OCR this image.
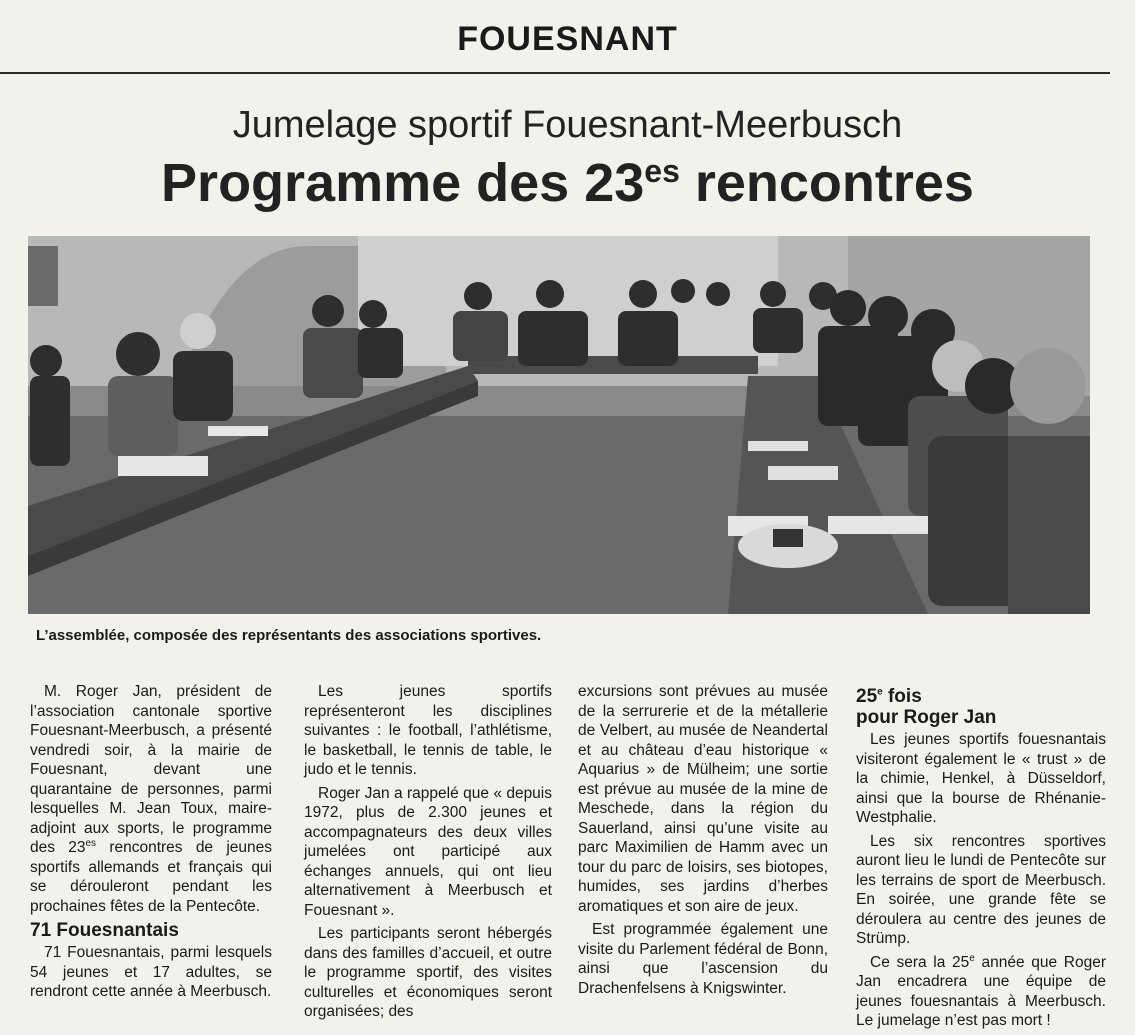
FOUESNANT
Jumelage sportif Fouesnant-Meerbusch
Programme des $23^{es}$ rencontres
L’assemblée, composée des représentants des associations sportives.

M. Roger Jan, président de l’association cantonale sportive Fouesnant-Meerbusch, a présenté vendredi soir, à la mairie de Fouesnant, devant une quarantaine de personnes, parmi lesquelles M. Jean Toux, maire-adjoint aux sports, le programme des $23^{es}$ rencontres de jeunes sportifs allemands et français qui se dérouleront pendant les prochaines fêtes de la Pentecôte.

71 Fouesnantais

71 Fouesnantais, parmi lesquels 54 jeunes et 17 adultes, se rendront cette année à Meerbusch.

Les jeunes sportifs représenteront les disciplines suivantes : le football, l’athlétisme, le basketball, le tennis de table, le judo et le tennis.

Roger Jan a rappelé que « depuis 1972, plus de 2.300 jeunes et accompagnateurs des deux villes jumelées ont participé aux échanges annuels, qui ont lieu alternativement à Meerbusch et Fouesnant ».

Les participants seront hébergés dans des familles d’accueil, et outre le programme sportif, des visites culturelles et économiques seront organisées; des

excursions sont prévues au musée de la serrurerie et de la métallerie de Velbert, au musée de Neandertal et au château d’eau historique « Aquarius » de Mülheim; une sortie est prévue au musée de la mine de Meschede, dans la région du Sauerland, ainsi qu’une visite au parc Maximilien de Hamm avec un tour du parc de loisirs, ses biotopes, humides, ses jardins d’herbes aromatiques et son aire de jeux.

Est programmée également une visite du Parlement fédéral de Bonn, ainsi que l’ascension du Drachenfelsens à Knigswinter.

25e fois
pour Roger Jan

Les jeunes sportifs fouesnantais visiteront également le « trust » de la chimie, Henkel, à Düsseldorf, ainsi que la bourse de Rhénanie-Westphalie.

Les six rencontres sportives auront lieu le lundi de Pentecôte sur les terrains de sport de Meerbusch. En soirée, une grande fête se déroulera au centre des jeunes de Strümp.

Ce sera la 25e année que Roger Jan encadrera une équipe de jeunes fouesnantais à Meerbusch. Le jumelage n’est pas mort !
